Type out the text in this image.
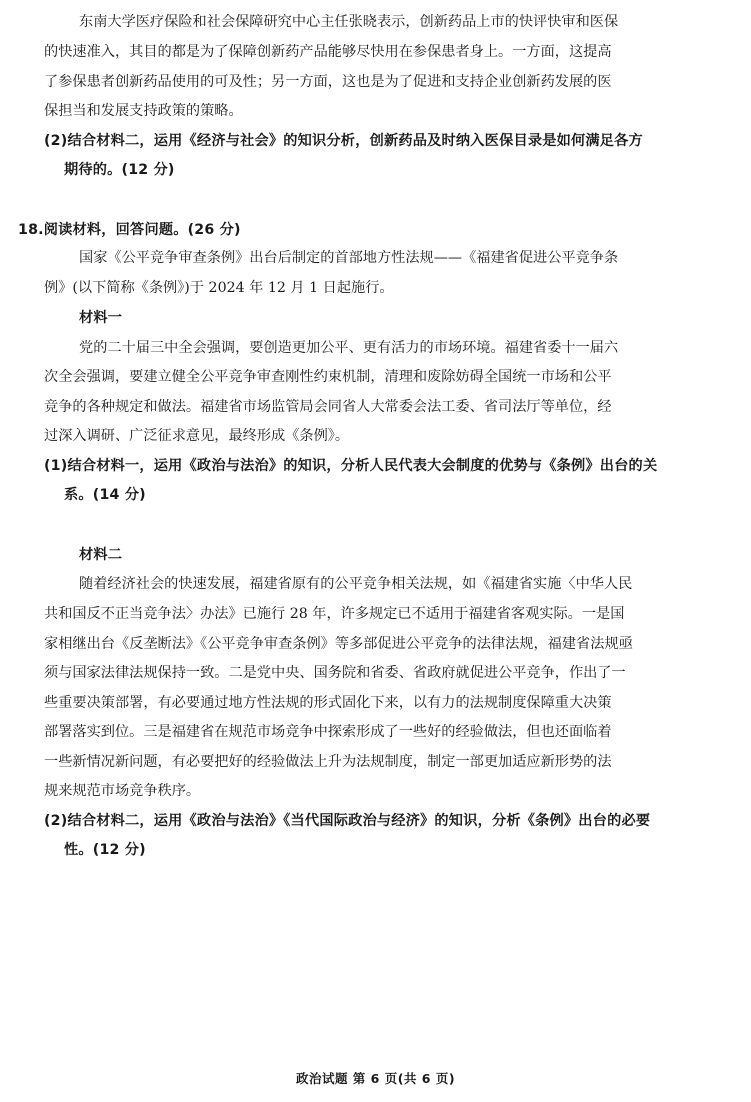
东南大学医疗保险和社会保障研究中心主任张晓表示，创新药品上市的快评快审和医保
的快速准入，其目的都是为了保障创新药产品能够尽快用在参保患者身上。一方面，这提高
了参保患者创新药品使用的可及性；另一方面，这也是为了促进和支持企业创新药发展的医
保担当和发展支持政策的策略。
(2)结合材料二，运用《经济与社会》的知识分析，创新药品及时纳入医保目录是如何满足各方
期待的。(12 分)
18.阅读材料，回答问题。(26 分)
国家《公平竞争审查条例》出台后制定的首部地方性法规——《福建省促进公平竞争条
例》(以下简称《条例》)于 2024 年 12 月 1 日起施行。
材料一
党的二十届三中全会强调，要创造更加公平、更有活力的市场环境。福建省委十一届六
次全会强调，要建立健全公平竞争审查刚性约束机制，清理和废除妨碍全国统一市场和公平
竞争的各种规定和做法。福建省市场监管局会同省人大常委会法工委、省司法厅等单位，经
过深入调研、广泛征求意见，最终形成《条例》。
(1)结合材料一，运用《政治与法治》的知识，分析人民代表大会制度的优势与《条例》出台的关
系。(14 分)
材料二
随着经济社会的快速发展，福建省原有的公平竞争相关法规，如《福建省实施〈中华人民
共和国反不正当竞争法〉办法》已施行 28 年，许多规定已不适用于福建省客观实际。一是国
家相继出台《反垄断法》《公平竞争审查条例》等多部促进公平竞争的法律法规，福建省法规亟
须与国家法律法规保持一致。二是党中央、国务院和省委、省政府就促进公平竞争，作出了一
些重要决策部署，有必要通过地方性法规的形式固化下来，以有力的法规制度保障重大决策
部署落实到位。三是福建省在规范市场竞争中探索形成了一些好的经验做法，但也还面临着
一些新情况新问题，有必要把好的经验做法上升为法规制度，制定一部更加适应新形势的法
规来规范市场竞争秩序。
(2)结合材料二，运用《政治与法治》《当代国际政治与经济》的知识，分析《条例》出台的必要
性。(12 分)
政治试题 第 6 页(共 6 页)
